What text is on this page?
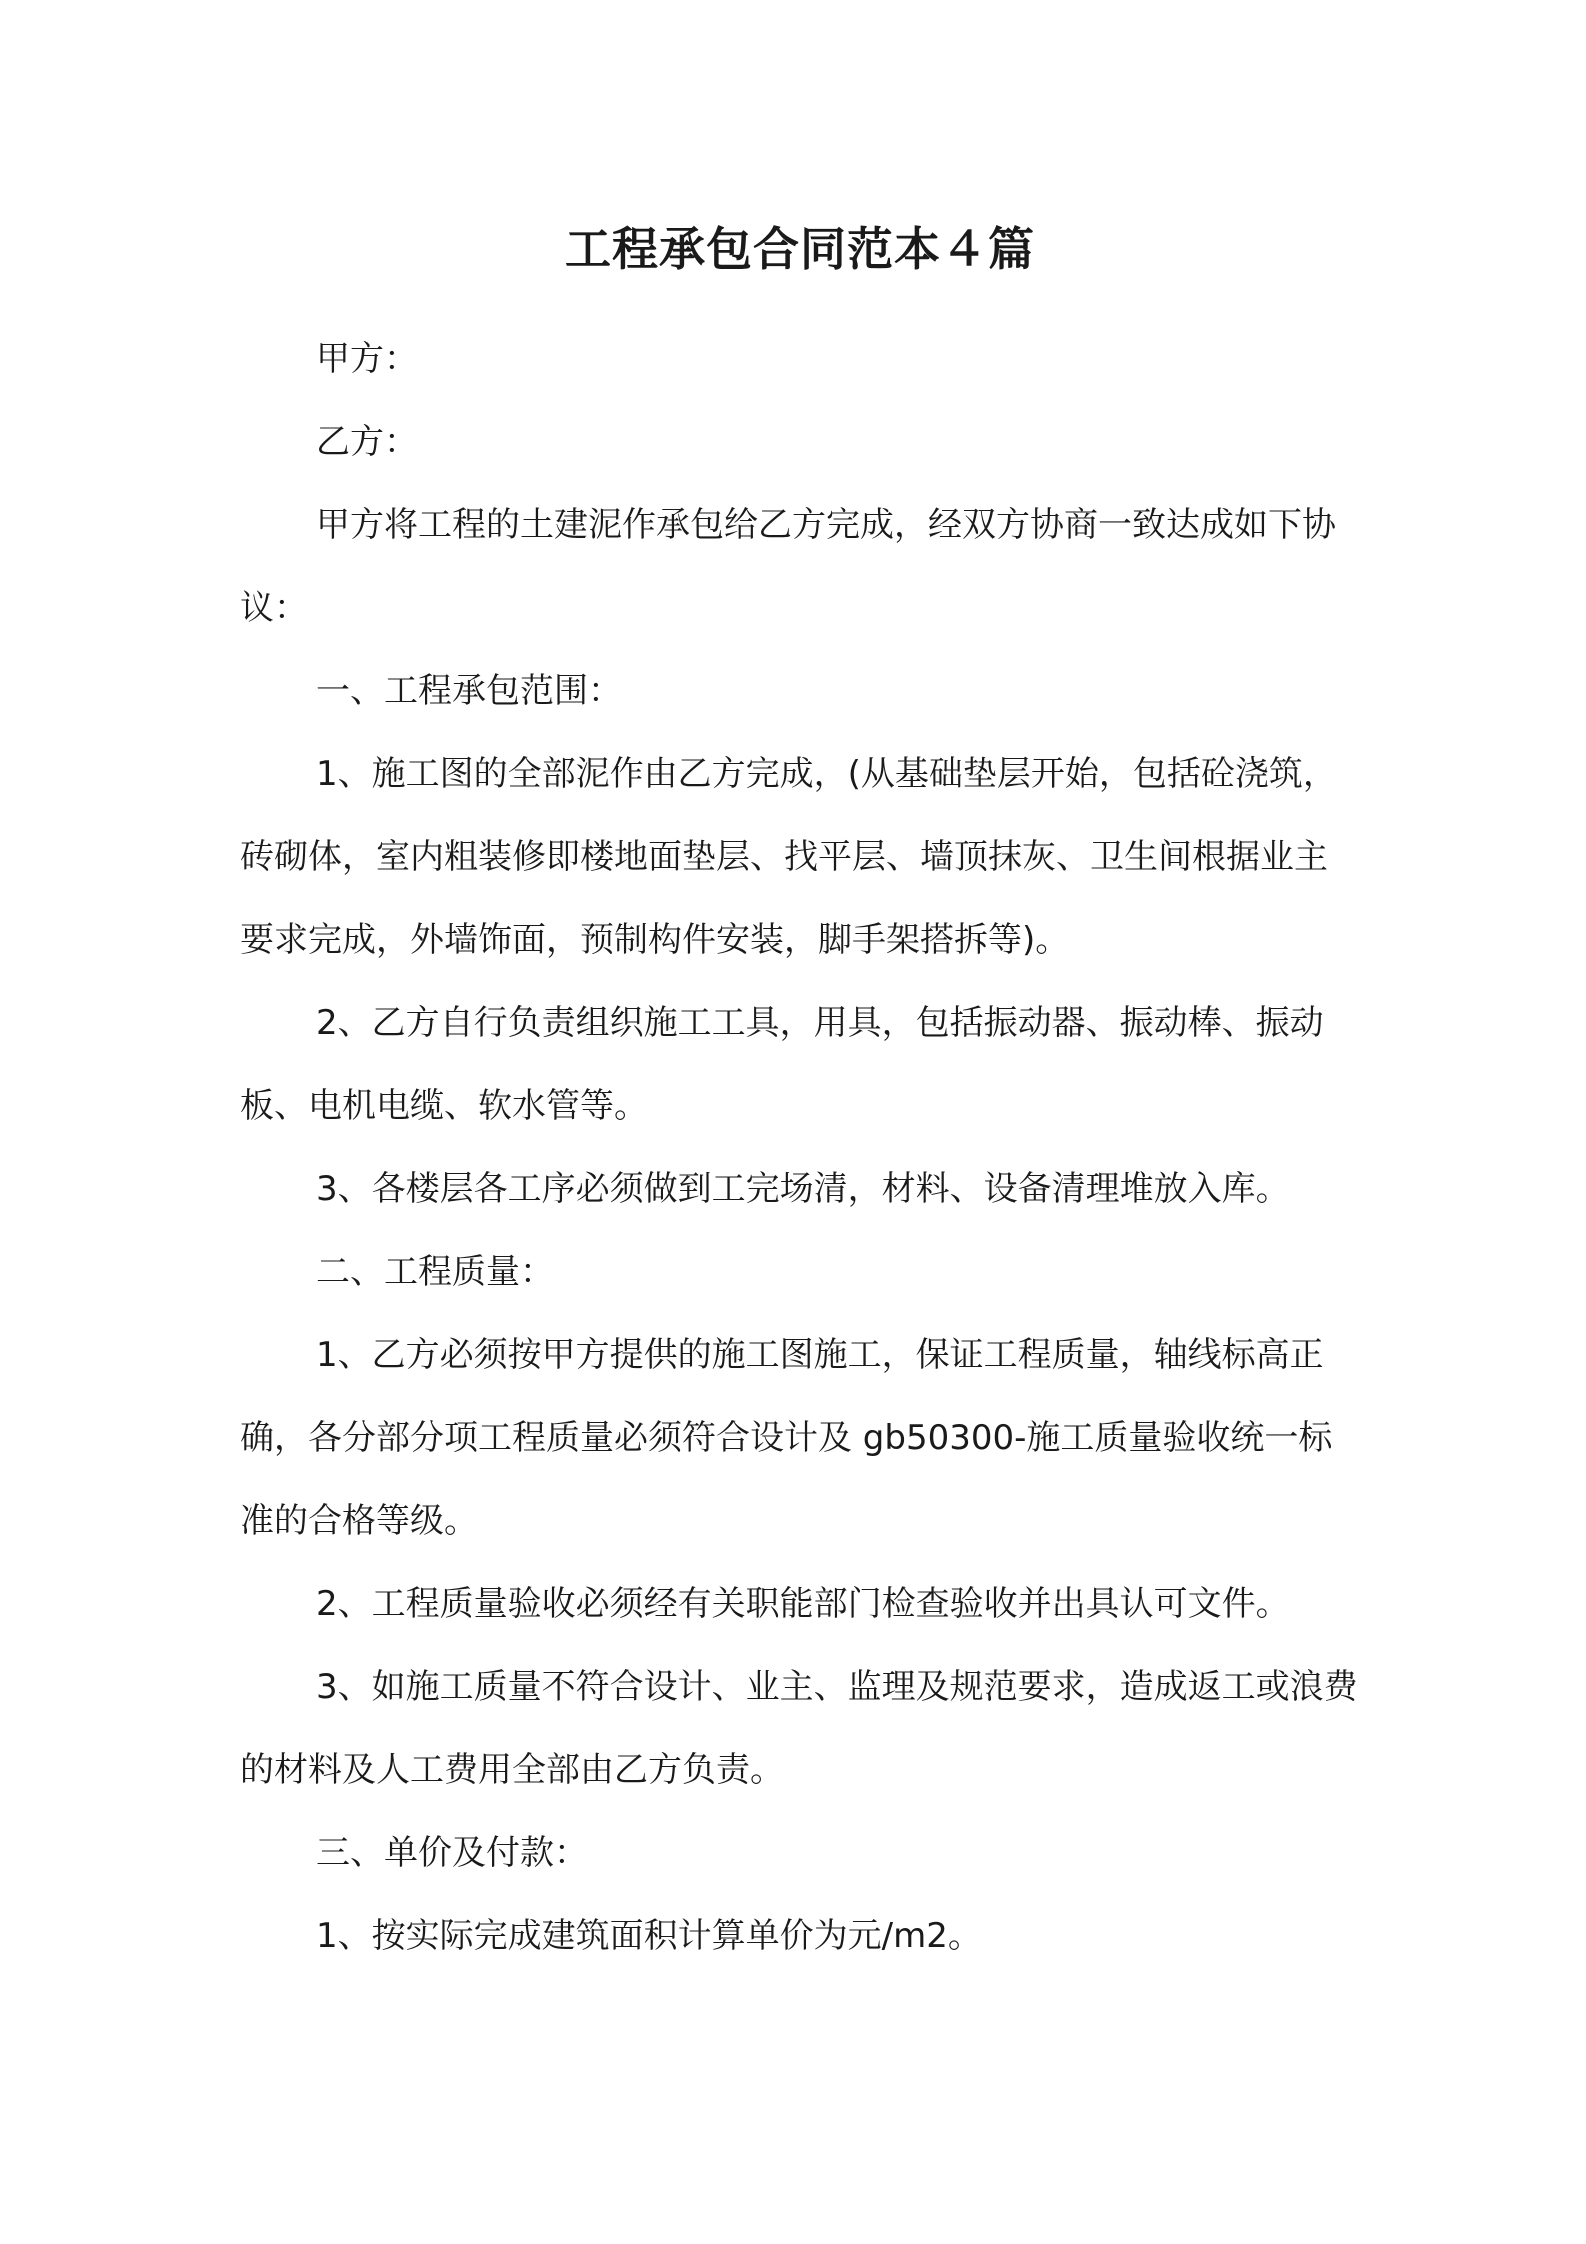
工程承包合同范本４篇

甲方：

乙方：

甲方将工程的土建泥作承包给乙方完成，经双方协商一致达成如下协议：

一、工程承包范围：

1、施工图的全部泥作由乙方完成，(从基础垫层开始，包括砼浇筑，砖砌体，室内粗装修即楼地面垫层、找平层、墙顶抹灰、卫生间根据业主要求完成，外墙饰面，预制构件安装，脚手架搭拆等)。

2、乙方自行负责组织施工工具，用具，包括振动器、振动棒、振动板、电机电缆、软水管等。

3、各楼层各工序必须做到工完场清，材料、设备清理堆放入库。

二、工程质量：

1、乙方必须按甲方提供的施工图施工，保证工程质量，轴线标高正确，各分部分项工程质量必须符合设计及 gb50300-施工质量验收统一标准的合格等级。

2、工程质量验收必须经有关职能部门检查验收并出具认可文件。

3、如施工质量不符合设计、业主、监理及规范要求，造成返工或浪费的材料及人工费用全部由乙方负责。

三、单价及付款：

1、按实际完成建筑面积计算单价为元/m2。
